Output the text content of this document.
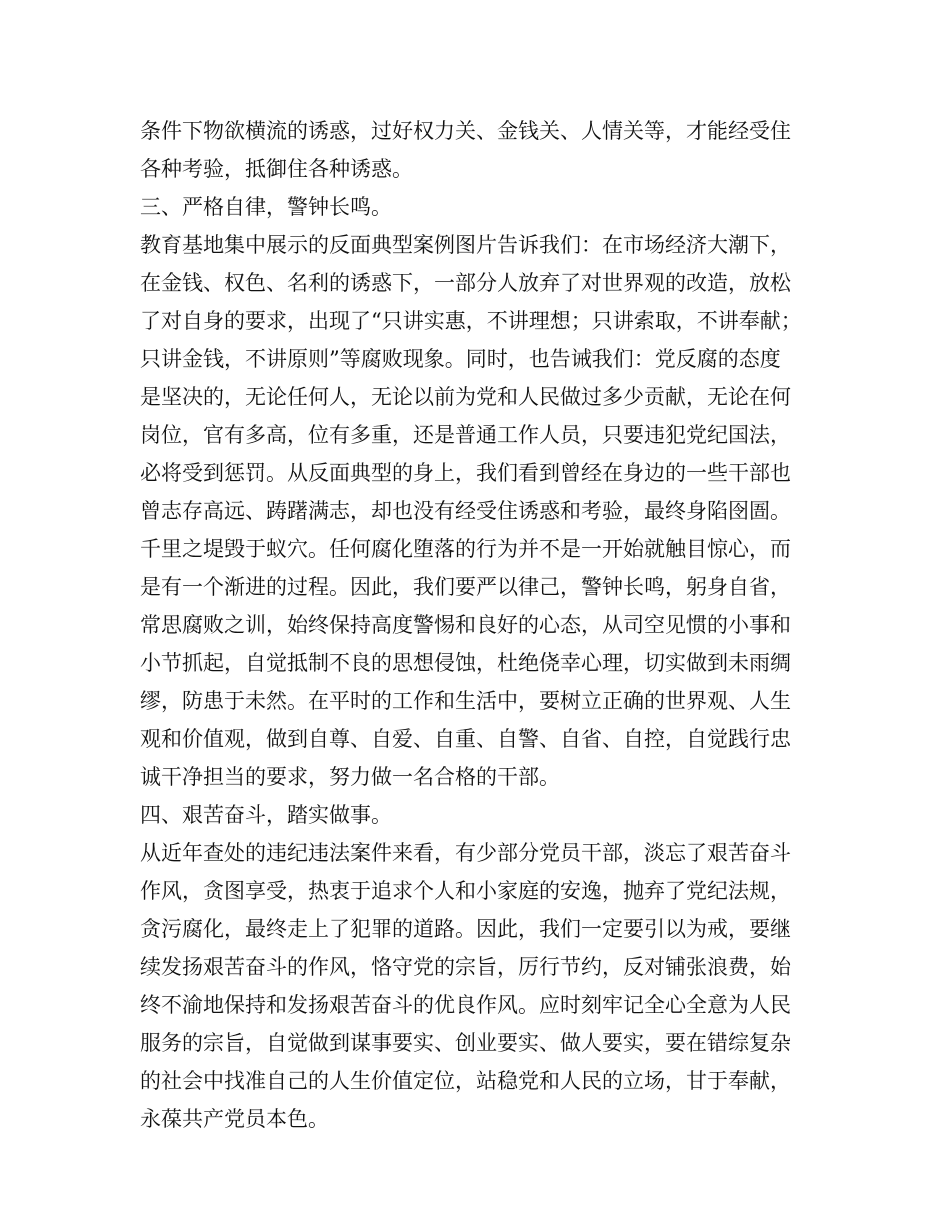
条件下物欲横流的诱惑，过好权力关、金钱关、人情关等，才能经受住
各种考验，抵御住各种诱惑。
三、严格自律，警钟长鸣。
教育基地集中展示的反面典型案例图片告诉我们：在市场经济大潮下，
在金钱、权色、名利的诱惑下，一部分人放弃了对世界观的改造，放松
了对自身的要求，出现了“只讲实惠，不讲理想；只讲索取，不讲奉献；
只讲金钱，不讲原则”等腐败现象。同时，也告诫我们：党反腐的态度
是坚决的，无论任何人，无论以前为党和人民做过多少贡献，无论在何
岗位，官有多高，位有多重，还是普通工作人员，只要违犯党纪国法，
必将受到惩罚。从反面典型的身上，我们看到曾经在身边的一些干部也
曾志存高远、踌躇满志，却也没有经受住诱惑和考验，最终身陷囹圄。
千里之堤毁于蚁穴。任何腐化堕落的行为并不是一开始就触目惊心，而
是有一个渐进的过程。因此，我们要严以律己，警钟长鸣，躬身自省，
常思腐败之训，始终保持高度警惕和良好的心态，从司空见惯的小事和
小节抓起，自觉抵制不良的思想侵蚀，杜绝侥幸心理，切实做到未雨绸
缪，防患于未然。在平时的工作和生活中，要树立正确的世界观、人生
观和价值观，做到自尊、自爱、自重、自警、自省、自控，自觉践行忠
诚干净担当的要求，努力做一名合格的干部。
四、艰苦奋斗，踏实做事。
从近年查处的违纪违法案件来看，有少部分党员干部，淡忘了艰苦奋斗
作风，贪图享受，热衷于追求个人和小家庭的安逸，抛弃了党纪法规，
贪污腐化，最终走上了犯罪的道路。因此，我们一定要引以为戒，要继
续发扬艰苦奋斗的作风，恪守党的宗旨，厉行节约，反对铺张浪费，始
终不渝地保持和发扬艰苦奋斗的优良作风。应时刻牢记全心全意为人民
服务的宗旨，自觉做到谋事要实、创业要实、做人要实，要在错综复杂
的社会中找准自己的人生价值定位，站稳党和人民的立场，甘于奉献，
永葆共产党员本色。
